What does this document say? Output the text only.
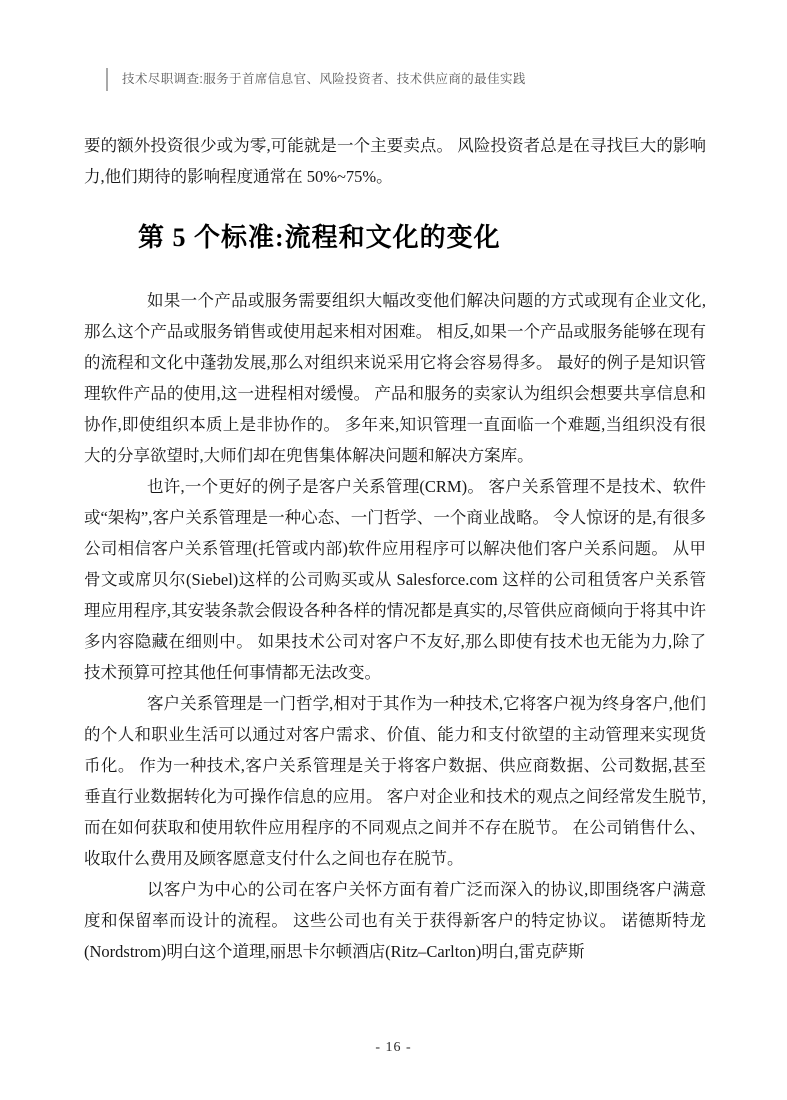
技术尽职调查:服务于首席信息官、风险投资者、技术供应商的最佳实践

要的额外投资很少或为零,可能就是一个主要卖点。 风险投资者总是在寻找巨大的影响力,他们期待的影响程度通常在 50%~75%。

第 5 个标准:流程和文化的变化

如果一个产品或服务需要组织大幅改变他们解决问题的方式或现有企业文化,那么这个产品或服务销售或使用起来相对困难。 相反,如果一个产品或服务能够在现有的流程和文化中蓬勃发展,那么对组织来说采用它将会容易得多。 最好的例子是知识管理软件产品的使用,这一进程相对缓慢。 产品和服务的卖家认为组织会想要共享信息和协作,即使组织本质上是非协作的。 多年来,知识管理一直面临一个难题,当组织没有很大的分享欲望时,大师们却在兜售集体解决问题和解决方案库。

也许,一个更好的例子是客户关系管理(CRM)。 客户关系管理不是技术、软件或“架构”,客户关系管理是一种心态、一门哲学、一个商业战略。 令人惊讶的是,有很多公司相信客户关系管理(托管或内部)软件应用程序可以解决他们客户关系问题。 从甲骨文或席贝尔(Siebel)这样的公司购买或从 Salesforce.com 这样的公司租赁客户关系管理应用程序,其安装条款会假设各种各样的情况都是真实的,尽管供应商倾向于将其中许多内容隐藏在细则中。 如果技术公司对客户不友好,那么即使有技术也无能为力,除了技术预算可控其他任何事情都无法改变。

客户关系管理是一门哲学,相对于其作为一种技术,它将客户视为终身客户,他们的个人和职业生活可以通过对客户需求、价值、能力和支付欲望的主动管理来实现货币化。 作为一种技术,客户关系管理是关于将客户数据、供应商数据、公司数据,甚至垂直行业数据转化为可操作信息的应用。 客户对企业和技术的观点之间经常发生脱节,而在如何获取和使用软件应用程序的不同观点之间并不存在脱节。 在公司销售什么、收取什么费用及顾客愿意支付什么之间也存在脱节。

以客户为中心的公司在客户关怀方面有着广泛而深入的协议,即围绕客户满意度和保留率而设计的流程。 这些公司也有关于获得新客户的特定协议。 诺德斯特龙(Nordstrom)明白这个道理,丽思卡尔顿酒店(Ritz–Carlton)明白,雷克萨斯

- 16 -
